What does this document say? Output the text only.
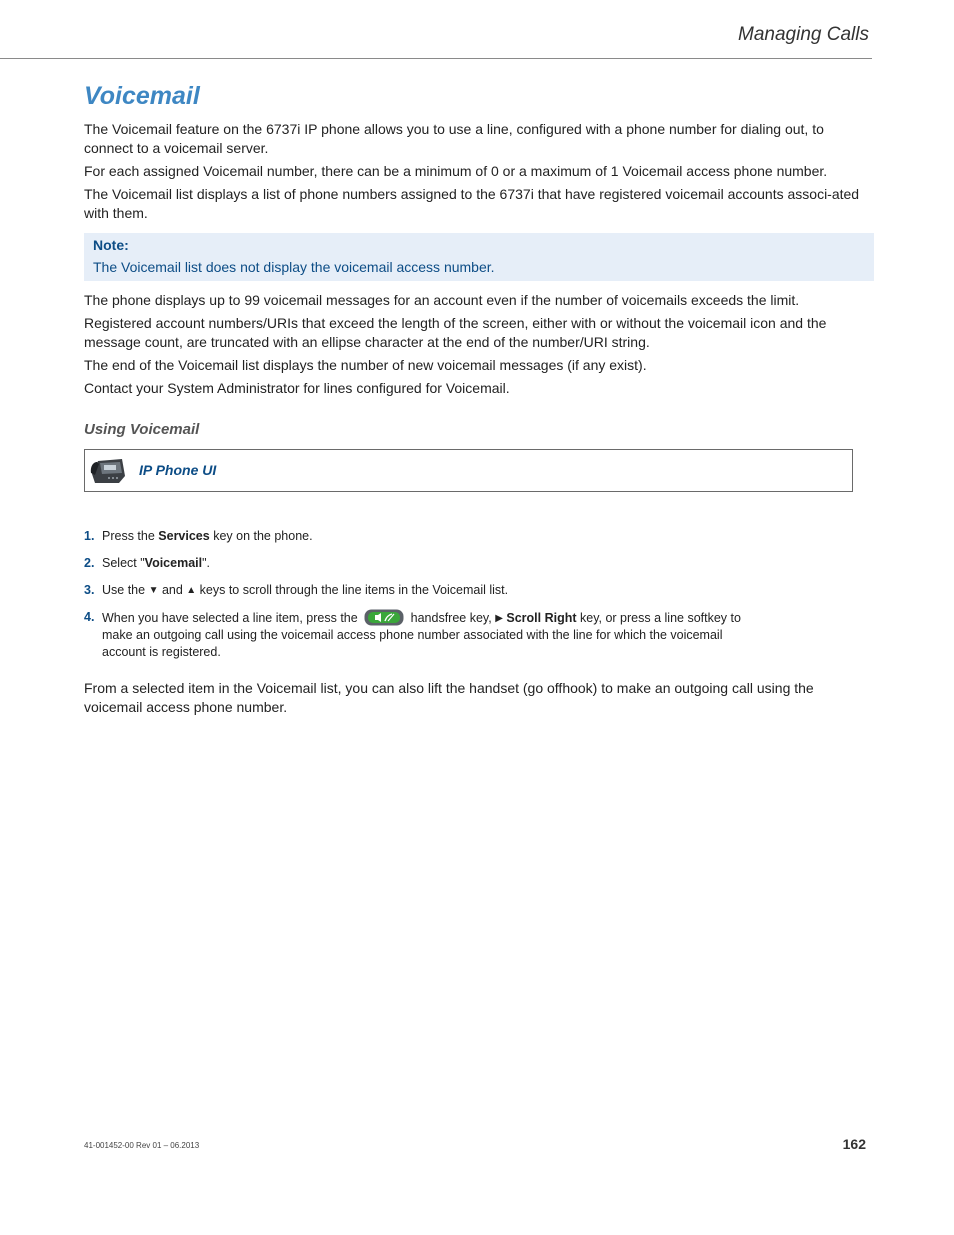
Managing Calls
Voicemail

The Voicemail feature on the 6737i IP phone allows you to use a line, configured with a phone number for dialing out, to connect to a voicemail server.

For each assigned Voicemail number, there can be a minimum of 0 or a maximum of 1 Voicemail access phone number.

The Voicemail list displays a list of phone numbers assigned to the 6737i that have registered voicemail accounts associ-ated with them.

Note:
The Voicemail list does not display the voicemail access number.

The phone displays up to 99 voicemail messages for an account even if the number of voicemails exceeds the limit.

Registered account numbers/URIs that exceed the length of the screen, either with or without the voicemail icon and the message count, are truncated with an ellipse character at the end of the number/URI string.

The end of the Voicemail list displays the number of new voicemail messages (if any exist).

Contact your System Administrator for lines configured for Voicemail.

Using Voicemail
IP Phone UI
1. Press the Services key on the phone.
2. Select "Voicemail".
3. Use the ▼ and ▲ keys to scroll through the line items in the Voicemail list.
4. When you have selected a line item, press the	handsfree key, ▶ Scroll Right key, or press a line softkey to make an outgoing call using the voicemail access phone number associated with the line for which the voicemail account is registered.

From a selected item in the Voicemail list, you can also lift the handset (go offhook) to make an outgoing call using the voicemail access phone number.

41-001452-00 Rev 01 – 06.2013	162
